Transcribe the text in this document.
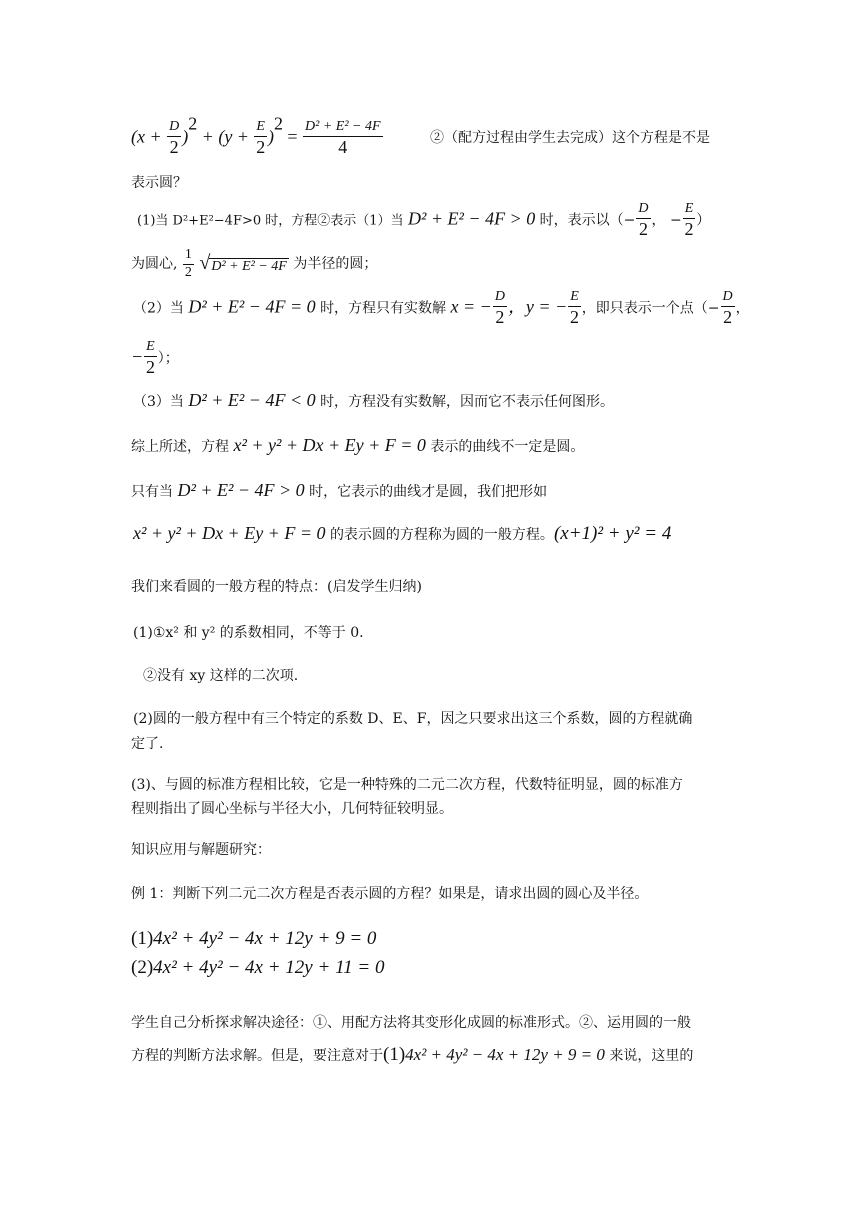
$(x + \frac{D}{2} )^2 + (y + \frac{E}{2} )^2 = \frac{\text{D² + E² − 4F}}{4}$	②（配方过程由学生去完成）这个方程是不是
表示圆？
(1)当 D²+E²−4F>0 时，方程②表示（1）当 D² + E² − 4F > 0 时，表示以（− $\frac{D}{2}$ ， − $\frac{E}{2}$ ）
为圆心, $\frac{1}{2}$
√ D² + E² − 4F 为半径的圆；
（2）当 D² + E² − 4F = 0 时，方程只有实数解 x = − $\frac{D}{2}$ ，y = − $\frac{E}{2}$ ，即只表示一个点（− $\frac{D}{2}$ ，
− $\frac{E}{2}$ ）；
（3）当 D² + E² − 4F < 0 时，方程没有实数解，因而它不表示任何图形。
综上所述，方程 x² + y² + Dx + Ey + F = 0 表示的曲线不一定是圆。
只有当 D² + E² − 4F > 0 时，它表示的曲线才是圆，我们把形如
x² + y² + Dx + Ey + F = 0 的表示圆的方程称为圆的一般方程。(x+1)² + y² = 4
我们来看圆的一般方程的特点：(启发学生归纳)
(1)①x² 和 y² 的系数相同，不等于 0.
②没有 xy 这样的二次项.
(2)圆的一般方程中有三个特定的系数 D、E、F，因之只要求出这三个系数，圆的方程就确
定了.
(3)、与圆的标准方程相比较，它是一种特殊的二元二次方程，代数特征明显，圆的标准方
程则指出了圆心坐标与半径大小，几何特征较明显。
知识应用与解题研究：
例 1：判断下列二元二次方程是否表示圆的方程？如果是，请求出圆的圆心及半径。
(1)4x² + 4y² − 4x + 12y + 9 = 0
(2)4x² + 4y² − 4x + 12y + 11 = 0
学生自己分析探求解决途径：①、用配方法将其变形化成圆的标准形式。②、运用圆的一般
方程的判断方法求解。但是，要注意对于(1)4x² + 4y² − 4x + 12y + 9 = 0 来说，这里的
